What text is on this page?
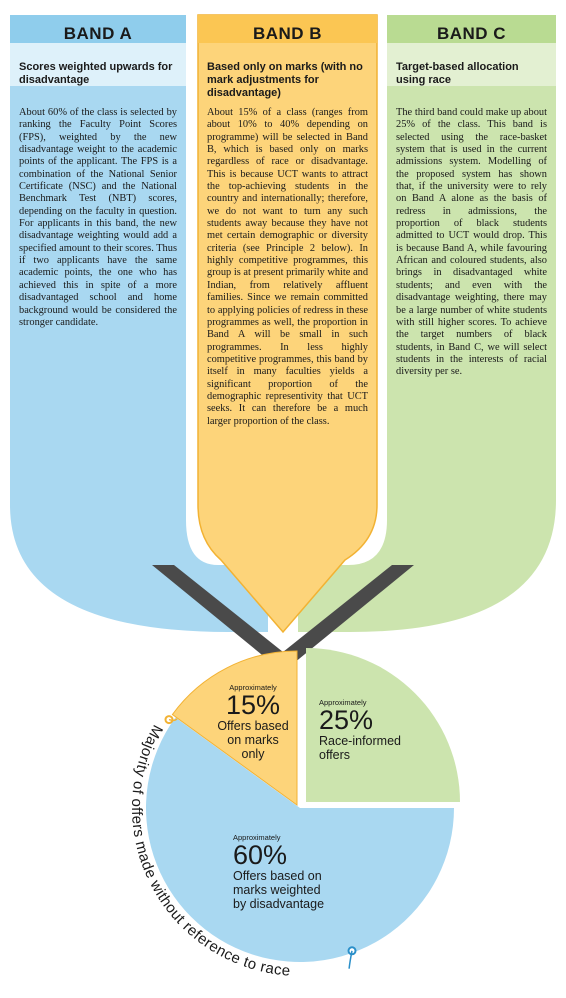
Majority of offers made without reference to race
BAND A
Scores weighted upwards for disadvantage
About 60% of the class is selected by ranking the Faculty Point Scores (FPS), weighted by the new disadvantage weight to the academic points of the applicant. The FPS is a combination of the National Senior Certificate (NSC) and the National Benchmark Test (NBT) scores, depending on the faculty in question. For applicants in this band, the new disadvantage weighting would add a specified amount to their scores. Thus if two applicants have the same academic points, the one who has achieved this in spite of a more disadvantaged school and home background would be considered the stronger candidate.
BAND B
Based only on marks (with no mark adjustments for disadvantage)
About 15% of a class (ranges from about 10% to 40% depending on programme) will be selected in Band B, which is based only on marks regardless of race or disadvantage. This is because UCT wants to attract the top-achieving students in the country and internationally; therefore, we do not want to turn any such students away because they have not met certain demographic or diversity criteria (see Principle 2 below). In highly competitive programmes, this group is at present primarily white and Indian, from relatively affluent families. Since we remain committed to applying policies of redress in these programmes as well, the proportion in Band A will be small in such programmes. In less highly competitive programmes, this band by itself in many faculties yields a significant proportion of the demographic representivity that UCT seeks. It can therefore be a much larger proportion of the class.
BAND C
Target-based allocation using race
The third band could make up about 25% of the class. This band is selected using the race-basket system that is used in the current admissions system. Modelling of the proposed system has shown that, if the university were to rely on Band A alone as the basis of redress in admissions, the proportion of black students admitted to UCT would drop. This is because Band A, while favouring African and coloured students, also brings in disadvantaged white students; and even with the disadvantage weighting, there may be a large number of white students with still higher scores. To achieve the target numbers of black students, in Band C, we will select students in the interests of racial diversity per se.
Approximately
15%
Offers based
on marks
only
Approximately
25%
Race-informed
offers
Approximately
60%
Offers based on
marks weighted
by disadvantage
